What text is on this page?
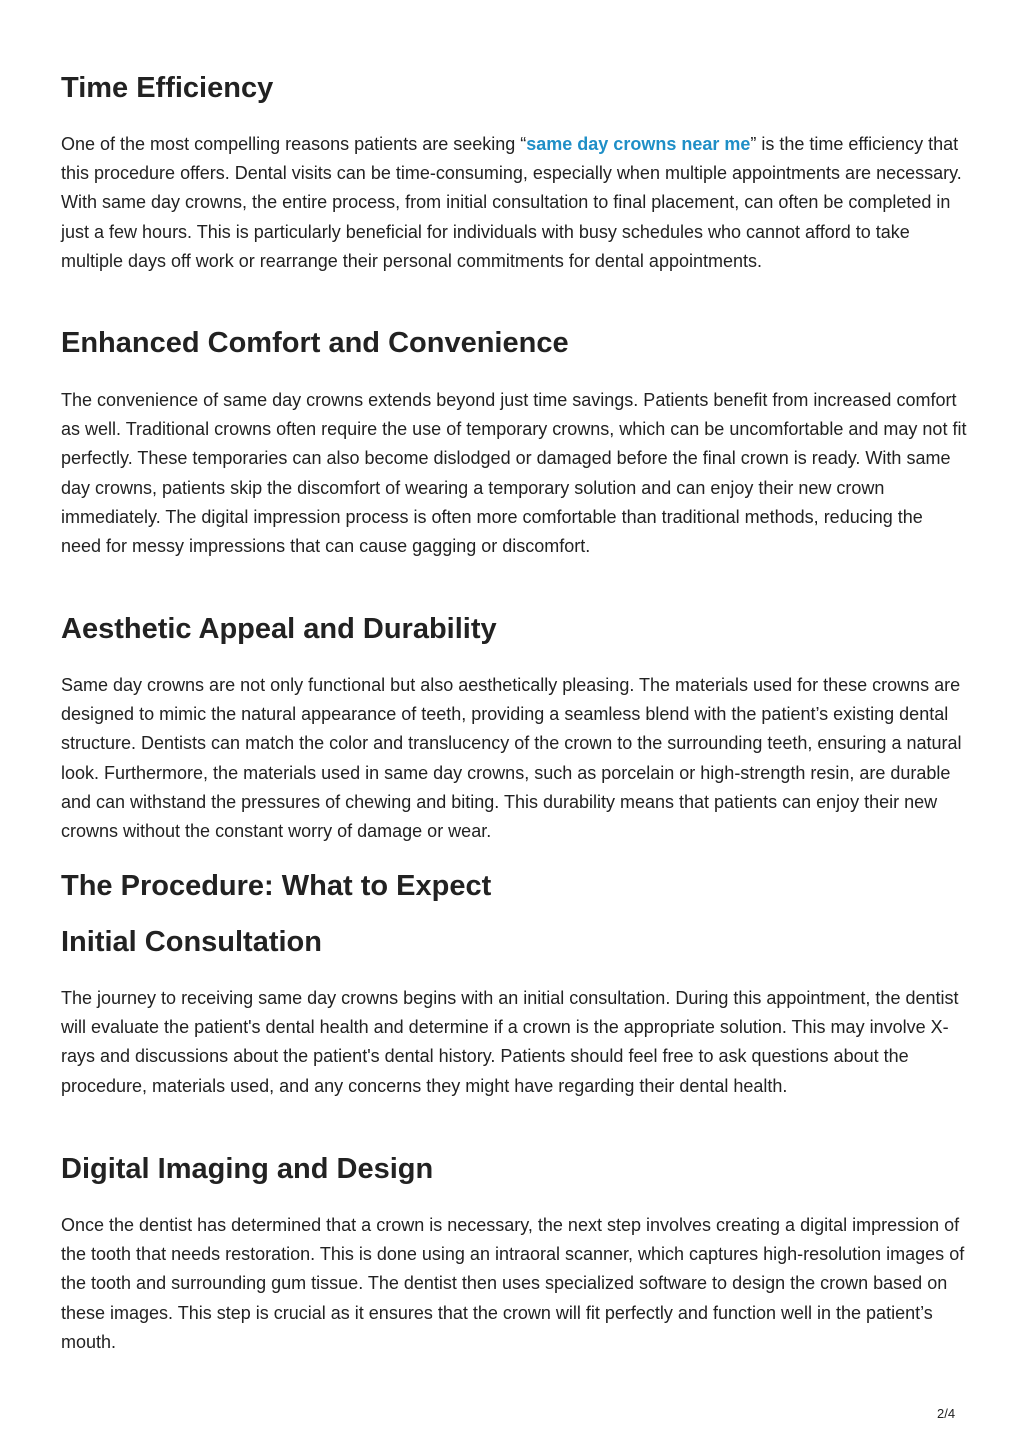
Time Efficiency

One of the most compelling reasons patients are seeking “same day crowns near me” is the time efficiency that this procedure offers. Dental visits can be time-consuming, especially when multiple appointments are necessary. With same day crowns, the entire process, from initial consultation to final placement, can often be completed in just a few hours. This is particularly beneficial for individuals with busy schedules who cannot afford to take multiple days off work or rearrange their personal commitments for dental appointments.

Enhanced Comfort and Convenience

The convenience of same day crowns extends beyond just time savings. Patients benefit from increased comfort as well. Traditional crowns often require the use of temporary crowns, which can be uncomfortable and may not fit perfectly. These temporaries can also become dislodged or damaged before the final crown is ready. With same day crowns, patients skip the discomfort of wearing a temporary solution and can enjoy their new crown immediately. The digital impression process is often more comfortable than traditional methods, reducing the need for messy impressions that can cause gagging or discomfort.

Aesthetic Appeal and Durability

Same day crowns are not only functional but also aesthetically pleasing. The materials used for these crowns are designed to mimic the natural appearance of teeth, providing a seamless blend with the patient’s existing dental structure. Dentists can match the color and translucency of the crown to the surrounding teeth, ensuring a natural look. Furthermore, the materials used in same day crowns, such as porcelain or high-strength resin, are durable and can withstand the pressures of chewing and biting. This durability means that patients can enjoy their new crowns without the constant worry of damage or wear.

The Procedure: What to Expect
Initial Consultation

The journey to receiving same day crowns begins with an initial consultation. During this appointment, the dentist will evaluate the patient's dental health and determine if a crown is the appropriate solution. This may involve X-rays and discussions about the patient's dental history. Patients should feel free to ask questions about the procedure, materials used, and any concerns they might have regarding their dental health.

Digital Imaging and Design

Once the dentist has determined that a crown is necessary, the next step involves creating a digital impression of the tooth that needs restoration. This is done using an intraoral scanner, which captures high-resolution images of the tooth and surrounding gum tissue. The dentist then uses specialized software to design the crown based on these images. This step is crucial as it ensures that the crown will fit perfectly and function well in the patient’s mouth.

2/4
